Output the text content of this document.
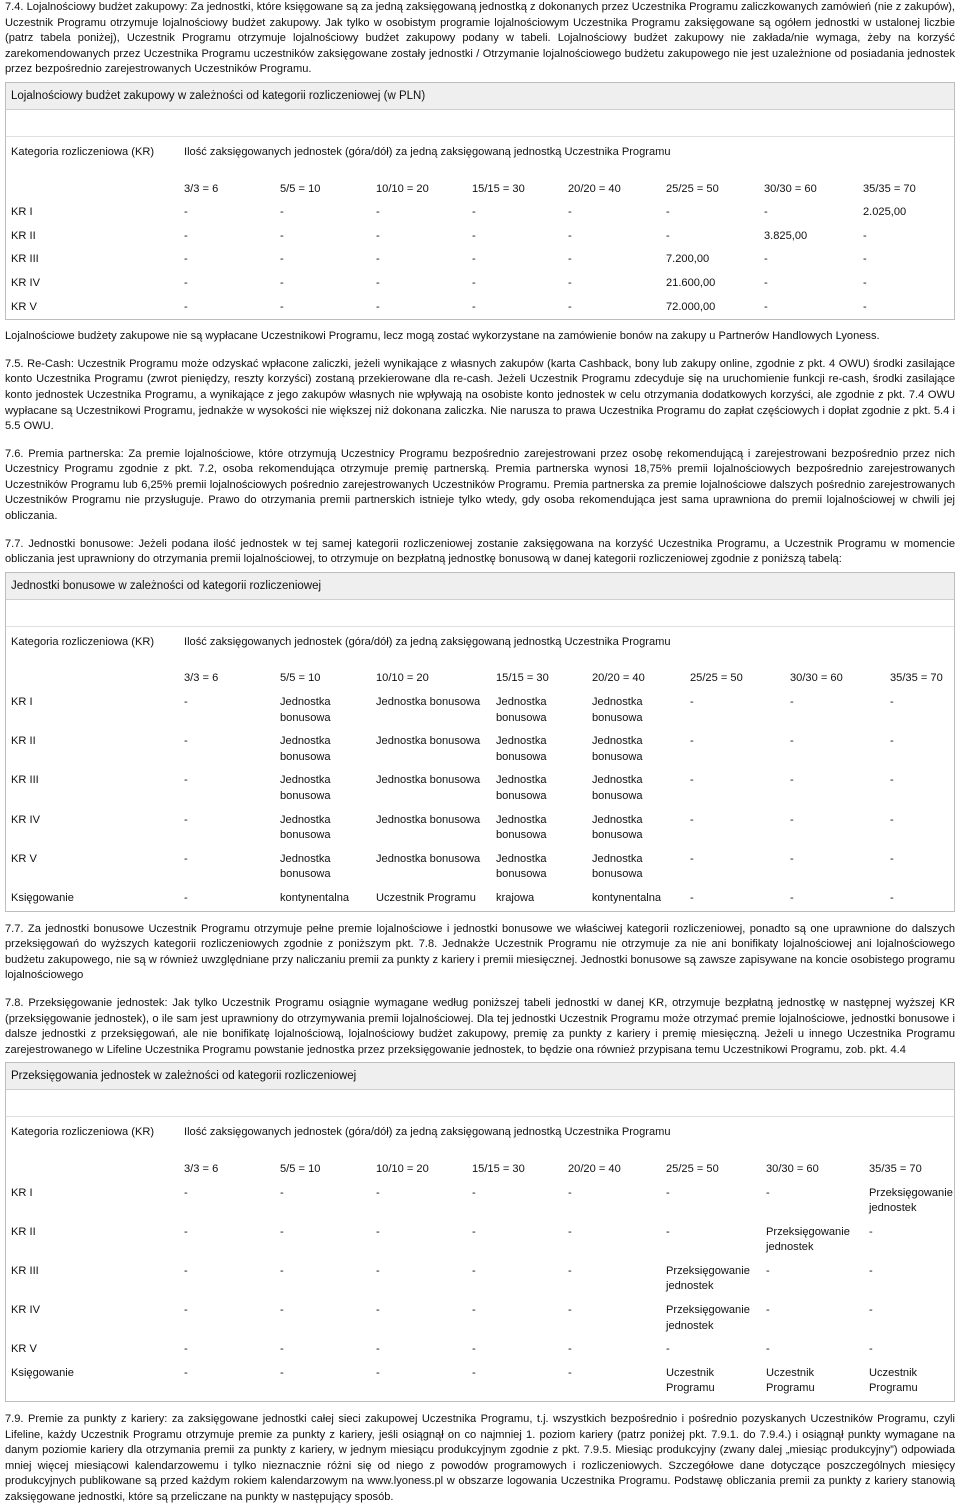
7.4. Lojalnościowy budżet zakupowy: Za jednostki, które księgowane są za jedną zaksięgowaną jednostką z dokonanych przez Uczestnika Programu zaliczkowanych zamówień (nie z zakupów), Uczestnik Programu otrzymuje lojalnościowy budżet zakupowy. Jak tylko w osobistym programie lojalnościowym Uczestnika Programu zaksięgowane są ogółem jednostki w ustalonej liczbie (patrz tabela poniżej), Uczestnik Programu otrzymuje lojalnościowy budżet zakupowy podany w tabeli. Lojalnościowy budżet zakupowy nie zakłada/nie wymaga, żeby na korzyść zarekomendowanych przez Uczestnika Programu uczestników zaksięgowane zostały jednostki / Otrzymanie lojalnościowego budżetu zakupowego nie jest uzależnione od posiadania jednostek przez bezpośrednio zarejestrowanych Uczestników Programu.

Lojalnościowy budżet zakupowy w zależności od kategorii rozliczeniowej (w PLN)
Kategoria rozliczeniowa (KR)	Ilość zaksięgowanych jednostek (góra/dół) za jedną zaksięgowaną jednostką Uczestnika Programu							
	3/3 = 6	5/5 = 10	10/10 = 20	15/15 = 30	20/20 = 40	25/25 = 50	30/30 = 60	35/35 = 70
KR I	-	-	-	-	-	-	-	2.025,00
KR II	-	-	-	-	-	-	3.825,00	-
KR III	-	-	-	-	-	7.200,00	-	-
KR IV	-	-	-	-	-	21.600,00	-	-
KR V	-	-	-	-	-	72.000,00	-	-

Lojalnościowe budżety zakupowe nie są wypłacane Uczestnikowi Programu, lecz mogą zostać wykorzystane na zamówienie bonów na zakupy u Partnerów Handlowych Lyoness.

7.5. Re-Cash: Uczestnik Programu może odzyskać wpłacone zaliczki, jeżeli wynikające z własnych zakupów (karta Cashback, bony lub zakupy online, zgodnie z pkt. 4 OWU) środki zasilające konto Uczestnika Programu (zwrot pieniędzy, reszty korzyści) zostaną przekierowane dla re-cash. Jeżeli Uczestnik Programu zdecyduje się na uruchomienie funkcji re-cash, środki zasilające konto jednostek Uczestnika Programu, a wynikające z jego zakupów własnych nie wpływają na osobiste konto jednostek w celu otrzymania dodatkowych korzyści, ale zgodnie z pkt. 7.4 OWU wypłacane są Uczestnikowi Programu, jednakże w wysokości nie większej niż dokonana zaliczka. Nie narusza to prawa Uczestnika Programu do zapłat częściowych i dopłat zgodnie z pkt. 5.4 i 5.5 OWU.

7.6. Premia partnerska: Za premie lojalnościowe, które otrzymują Uczestnicy Programu bezpośrednio zarejestrowani przez osobę rekomendującą i zarejestrowani bezpośrednio przez nich Uczestnicy Programu zgodnie z pkt. 7.2, osoba rekomendująca otrzymuje premię partnerską. Premia partnerska wynosi 18,75% premii lojalnościowych bezpośrednio zarejestrowanych Uczestników Programu lub 6,25% premii lojalnościowych pośrednio zarejestrowanych Uczestników Programu. Premia partnerska za premie lojalnościowe dalszych pośrednio zarejestrowanych Uczestników Programu nie przysługuje. Prawo do otrzymania premii partnerskich istnieje tylko wtedy, gdy osoba rekomendująca jest sama uprawniona do premii lojalnościowej w chwili jej obliczania.

7.7. Jednostki bonusowe: Jeżeli podana ilość jednostek w tej samej kategorii rozliczeniowej zostanie zaksięgowana na korzyść Uczestnika Programu, a Uczestnik Programu w momencie obliczania jest uprawniony do otrzymania premii lojalnościowej, to otrzymuje on bezpłatną jednostkę bonusową w danej kategorii rozliczeniowej zgodnie z poniższą tabelą:

Jednostki bonusowe w zależności od kategorii rozliczeniowej
Kategoria rozliczeniowa (KR)	Ilość zaksięgowanych jednostek (góra/dół) za jedną zaksięgowaną jednostką Uczestnika Programu							
	3/3 = 6	5/5 = 10	10/10 = 20	15/15 = 30	20/20 = 40	25/25 = 50	30/30 = 60	35/35 = 70
KR I	-	Jednostka bonusowa	Jednostka bonusowa	Jednostka bonusowa	Jednostka bonusowa	-	-	-
KR II	-	Jednostka bonusowa	Jednostka bonusowa	Jednostka bonusowa	Jednostka bonusowa	-	-	-
KR III	-	Jednostka bonusowa	Jednostka bonusowa	Jednostka bonusowa	Jednostka bonusowa	-	-	-
KR IV	-	Jednostka bonusowa	Jednostka bonusowa	Jednostka bonusowa	Jednostka bonusowa	-	-	-
KR V	-	Jednostka bonusowa	Jednostka bonusowa	Jednostka bonusowa	Jednostka bonusowa	-	-	-
Księgowanie	-	kontynentalna	Uczestnik Programu	krajowa	kontynentalna	-	-	-

7.7. Za jednostki bonusowe Uczestnik Programu otrzymuje pełne premie lojalnościowe i jednostki bonusowe we właściwej kategorii rozliczeniowej, ponadto są one uprawnione do dalszych przeksięgowań do wyższych kategorii rozliczeniowych zgodnie z poniższym pkt. 7.8. Jednakże Uczestnik Programu nie otrzymuje za nie ani bonifikaty lojalnościowej ani lojalnościowego budżetu zakupowego, nie są w również uwzględniane przy naliczaniu premii za punkty z kariery i premii miesięcznej. Jednostki bonusowe są zawsze zapisywane na koncie osobistego programu lojalnościowego

7.8. Przeksięgowanie jednostek: Jak tylko Uczestnik Programu osiągnie wymagane według poniższej tabeli jednostki w danej KR, otrzymuje bezpłatną jednostkę w następnej wyższej KR (przeksięgowanie jednostek), o ile sam jest uprawniony do otrzymywania premii lojalnościowej. Dla tej jednostki Uczestnik Programu może otrzymać premie lojalnościowe, jednostki bonusowe i dalsze jednostki z przeksięgowań, ale nie bonifikatę lojalnościową, lojalnościowy budżet zakupowy, premię za punkty z kariery i premię miesięczną. Jeżeli u innego Uczestnika Programu zarejestrowanego w Lifeline Uczestnika Programu powstanie jednostka przez przeksięgowanie jednostek, to będzie ona również przypisana temu Uczestnikowi Programu, zob. pkt. 4.4

Przeksięgowania jednostek w zależności od kategorii rozliczeniowej
Kategoria rozliczeniowa (KR)	Ilość zaksięgowanych jednostek (góra/dół) za jedną zaksięgowaną jednostką Uczestnika Programu							
	3/3 = 6	5/5 = 10	10/10 = 20	15/15 = 30	20/20 = 40	25/25 = 50	30/30 = 60	35/35 = 70
KR I	-	-	-	-	-	-	-	Przeksięgowanie jednostek
KR II	-	-	-	-	-	-	Przeksięgowanie jednostek	-
KR III	-	-	-	-	-	Przeksięgowanie jednostek	-	-
KR IV	-	-	-	-	-	Przeksięgowanie jednostek	-	-
KR V	-	-	-	-	-	-	-	-
Księgowanie	-	-	-	-	-	Uczestnik Programu	Uczestnik Programu	Uczestnik Programu

7.9. Premie za punkty z kariery: za zaksięgowane jednostki całej sieci zakupowej Uczestnika Programu, t.j. wszystkich bezpośrednio i pośrednio pozyskanych Uczestników Programu, czyli Lifeline, każdy Uczestnik Programu otrzymuje premie za punkty z kariery, jeśli osiągnął on co najmniej 1. poziom kariery (patrz poniżej pkt. 7.9.1. do 7.9.4.) i osiągnął punkty wymagane na danym poziomie kariery dla otrzymania premii za punkty z kariery, w jednym miesiącu produkcyjnym zgodnie z pkt. 7.9.5. Miesiąc produkcyjny (zwany dalej „miesiąc produkcyjny”) odpowiada mniej więcej miesiącowi kalendarzowemu i tylko nieznacznie różni się od niego z powodów programowych i rozliczeniowych. Szczegółowe dane dotyczące poszczególnych miesięcy produkcyjnych publikowane są przed każdym rokiem kalendarzowym na www.lyoness.pl w obszarze logowania Uczestnika Programu. Podstawę obliczania premii za punkty z kariery stanowią zaksięgowane jednostki, które są przeliczane na punkty w następujący sposób.
